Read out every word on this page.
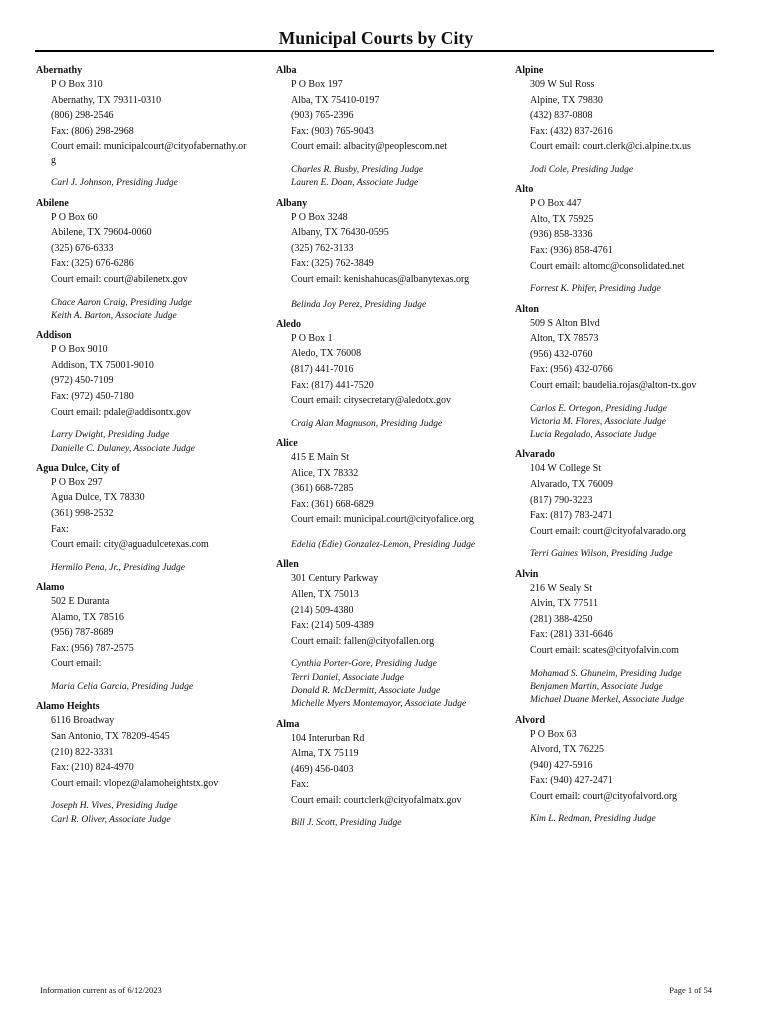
Municipal Courts by City
Abernathy
P O Box 310
Abernathy, TX 79311-0310
(806) 298-2546
Fax: (806) 298-2968
Court email: municipalcourt@cityofabernathy.org
Carl J. Johnson, Presiding Judge
Abilene
P O Box 60
Abilene, TX 79604-0060
(325) 676-6333
Fax: (325) 676-6286
Court email: court@abilenetx.gov
Chace Aaron Craig, Presiding Judge
Keith A. Barton, Associate Judge
Addison
P O Box 9010
Addison, TX 75001-9010
(972) 450-7109
Fax: (972) 450-7180
Court email: pdale@addisontx.gov
Larry Dwight, Presiding Judge
Danielle C. Dulaney, Associate Judge
Agua Dulce, City of
P O Box 297
Agua Dulce, TX 78330
(361) 998-2532
Fax:
Court email: city@aguadulcetexas.com
Hermilo Pena, Jr., Presiding Judge
Alamo
502 E Duranta
Alamo, TX 78516
(956) 787-8689
Fax: (956) 787-2575
Court email:
Maria Celia Garcia, Presiding Judge
Alamo Heights
6116 Broadway
San Antonio, TX 78209-4545
(210) 822-3331
Fax: (210) 824-4970
Court email: vlopez@alamoheightstx.gov
Joseph H. Vives, Presiding Judge
Carl R. Oliver, Associate Judge
Alba
P O Box 197
Alba, TX 75410-0197
(903) 765-2396
Fax: (903) 765-9043
Court email: albacity@peoplescom.net
Charles R. Busby, Presiding Judge
Lauren E. Doan, Associate Judge
Albany
P O Box 3248
Albany, TX 76430-0595
(325) 762-3133
Fax: (325) 762-3849
Court email: kenishahucas@albanytexas.org
Belinda Joy Perez, Presiding Judge
Aledo
P O Box 1
Aledo, TX 76008
(817) 441-7016
Fax: (817) 441-7520
Court email: citysecretary@aledotx.gov
Craig Alan Magnuson, Presiding Judge
Alice
415 E Main St
Alice, TX 78332
(361) 668-7285
Fax: (361) 668-6829
Court email: municipal.court@cityofalice.org
Edelia (Edie) Gonzalez-Lemon, Presiding Judge
Allen
301 Century Parkway
Allen, TX 75013
(214) 509-4380
Fax: (214) 509-4389
Court email: fallen@cityofallen.org
Cynthia Porter-Gore, Presiding Judge
Terri Daniel, Associate Judge
Donald R. McDermitt, Associate Judge
Michelle Myers Montemayor, Associate Judge
Alma
104 Interurban Rd
Alma, TX 75119
(469) 456-0403
Fax:
Court email: courtclerk@cityofalmatx.gov
Bill J. Scott, Presiding Judge
Alpine
309 W Sul Ross
Alpine, TX 79830
(432) 837-0808
Fax: (432) 837-2616
Court email: court.clerk@ci.alpine.tx.us
Jodi Cole, Presiding Judge
Alto
P O Box 447
Alto, TX 75925
(936) 858-3336
Fax: (936) 858-4761
Court email: altomc@consolidated.net
Forrest K. Phifer, Presiding Judge
Alton
509 S Alton Blvd
Alton, TX 78573
(956) 432-0760
Fax: (956) 432-0766
Court email: baudelia.rojas@alton-tx.gov
Carlos E. Ortegon, Presiding Judge
Victoria M. Flores, Associate Judge
Lucia Regalado, Associate Judge
Alvarado
104 W College St
Alvarado, TX 76009
(817) 790-3223
Fax: (817) 783-2471
Court email: court@cityofalvarado.org
Terri Gaines Wilson, Presiding Judge
Alvin
216 W Sealy St
Alvin, TX 77511
(281) 388-4250
Fax: (281) 331-6646
Court email: scates@cityofalvin.com
Mohamad S. Ghuneim, Presiding Judge
Benjamen Martin, Associate Judge
Michael Duane Merkel, Associate Judge
Alvord
P O Box 63
Alvord, TX 76225
(940) 427-5916
Fax: (940) 427-2471
Court email: court@cityofalvord.org
Kim L. Redman, Presiding Judge
Information current as of 6/12/2023	Page 1 of 54
